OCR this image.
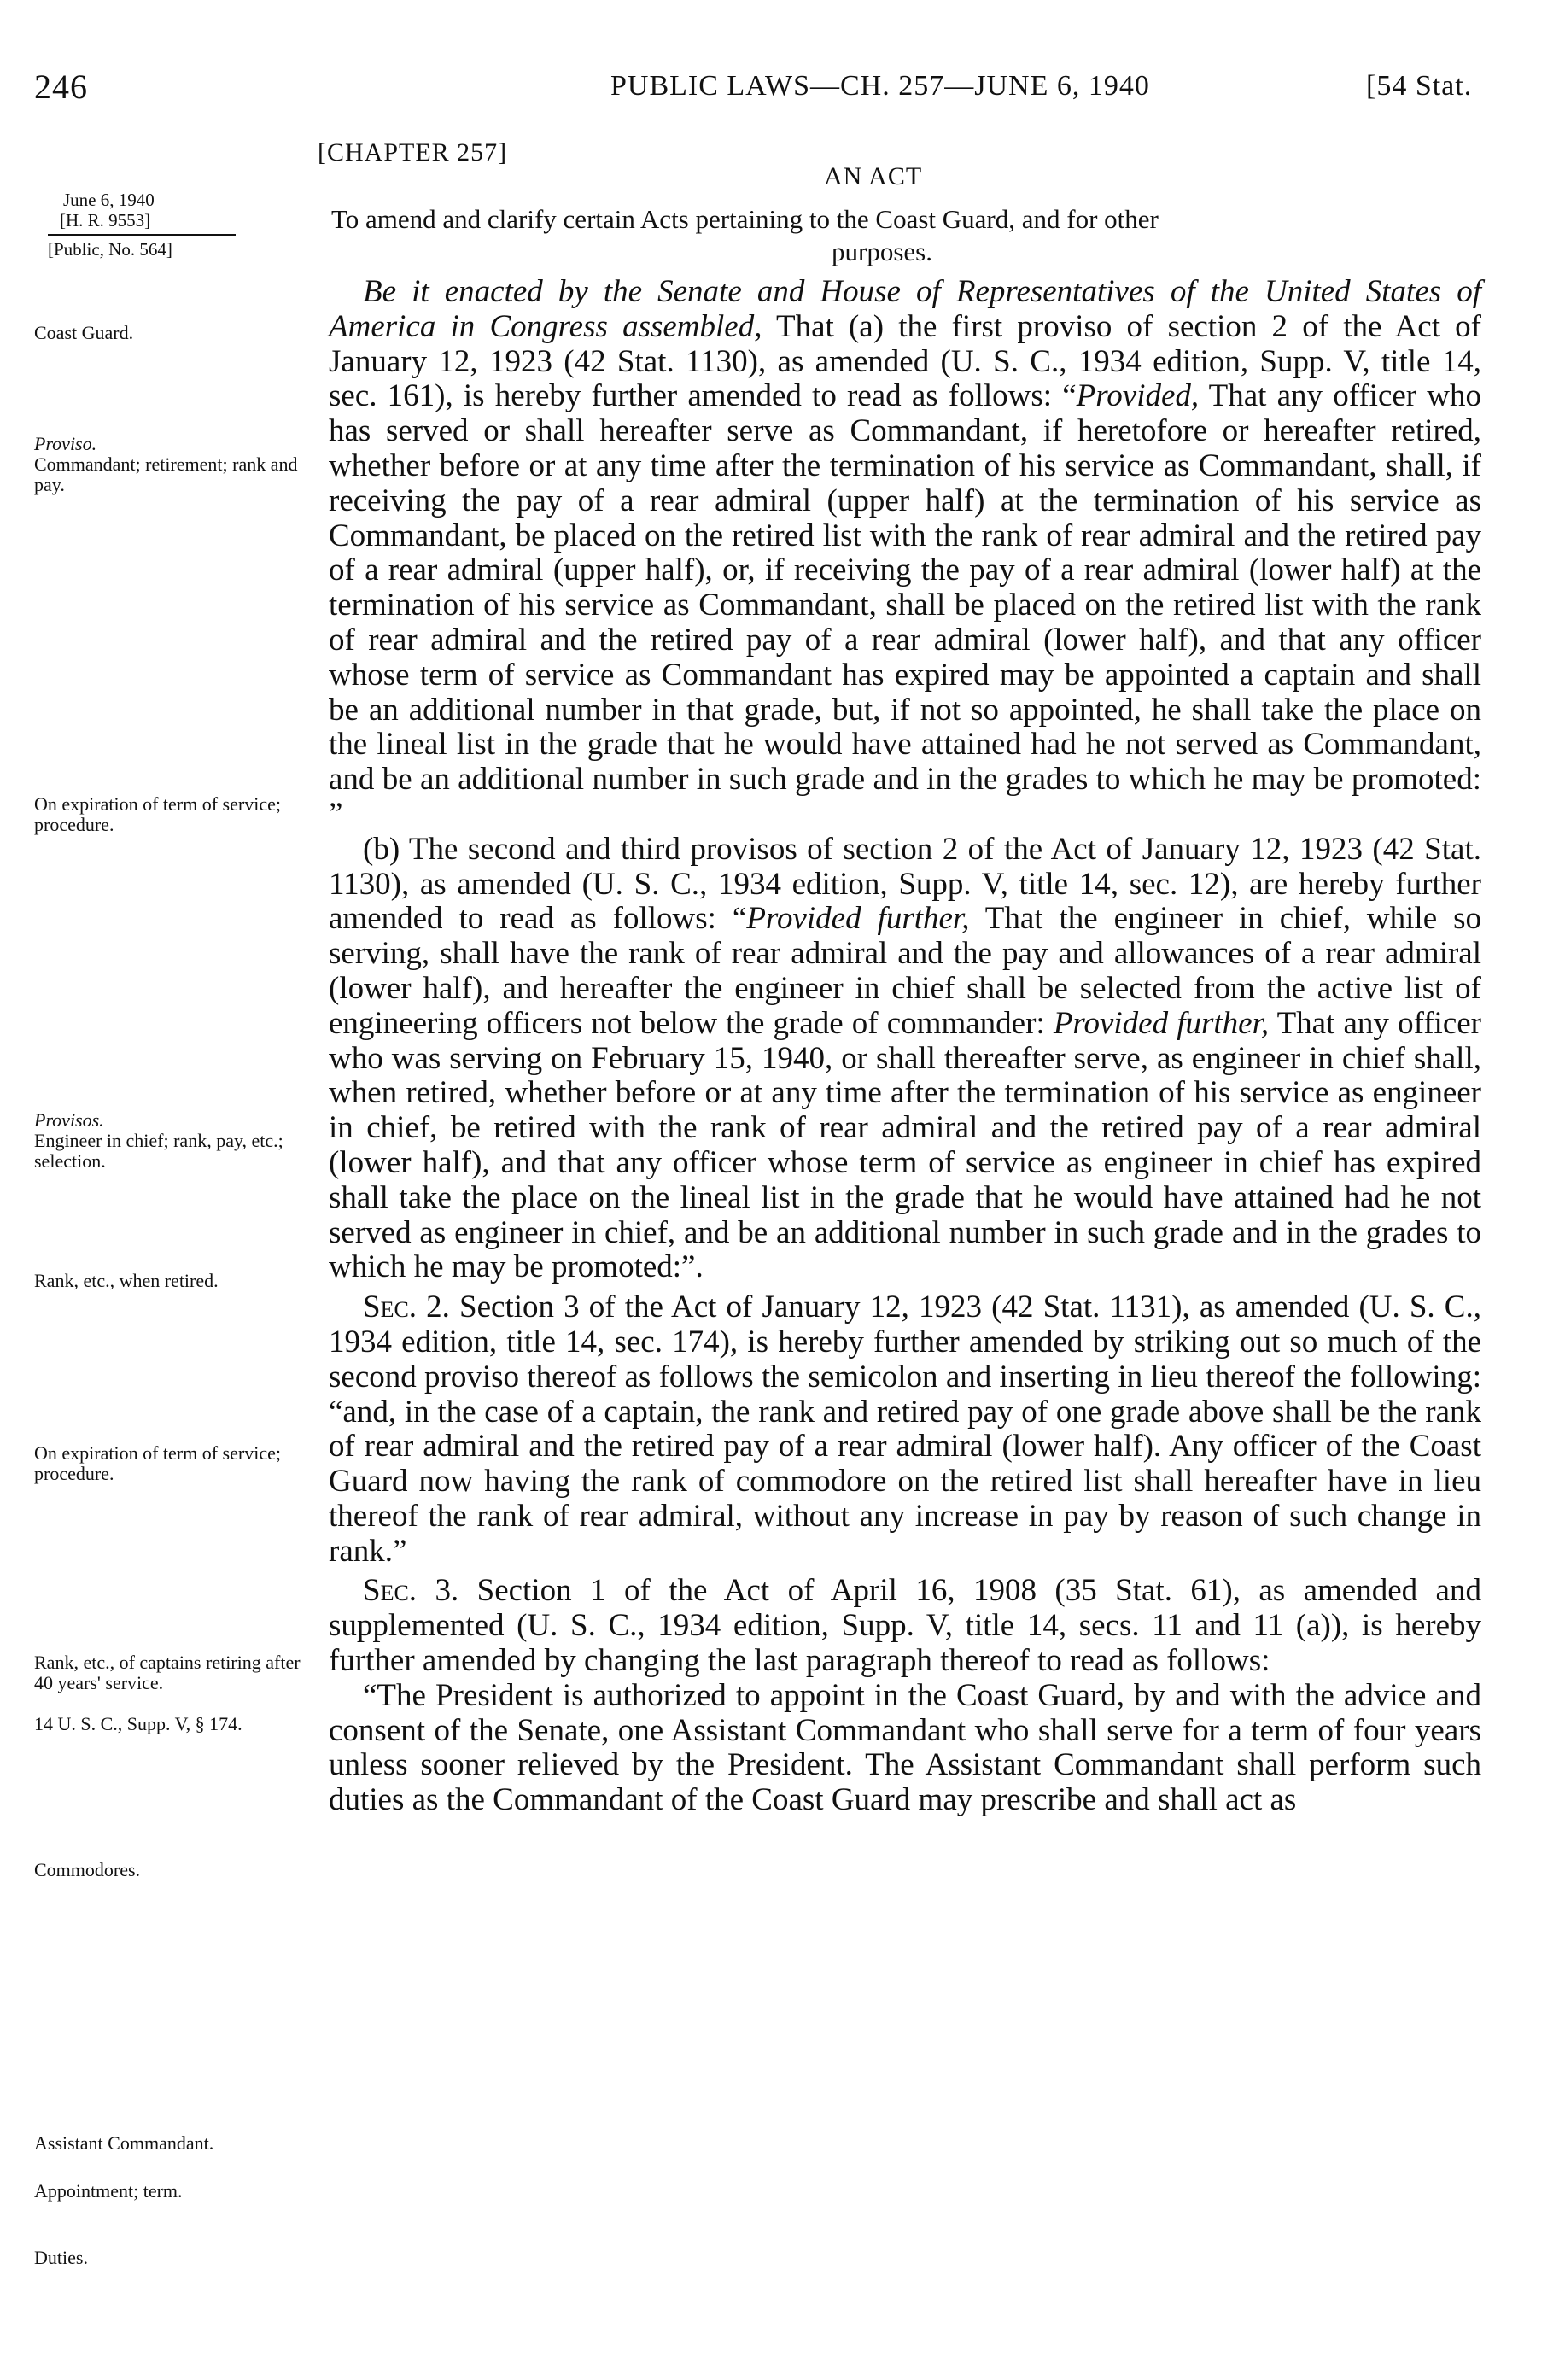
246	PUBLIC LAWS—CH. 257—JUNE 6, 1940	[54 Stat.
[CHAPTER 257]
AN ACT
To amend and clarify certain Acts pertaining to the Coast Guard, and for other
purposes.
June 6, 1940
[H. R. 9553]
[Public, No. 564]
Coast Guard.
Proviso.
Commandant; retirement; rank and pay.
On expiration of term of service; procedure.
Provisos.
Engineer in chief; rank, pay, etc.; selection.
Rank, etc., when retired.
On expiration of term of service; procedure.
Rank, etc., of captains retiring after 40 years' service.
14 U. S. C., Supp. V, § 174.
Commodores.
Assistant Commandant.
Appointment; term.
Duties.

Be it enacted by the Senate and House of Representatives of the United States of America in Congress assembled, That (a) the first proviso of section 2 of the Act of January 12, 1923 (42 Stat. 1130), as amended (U. S. C., 1934 edition, Supp. V, title 14, sec. 161), is hereby further amended to read as follows: “Provided, That any officer who has served or shall hereafter serve as Commandant, if heretofore or hereafter retired, whether before or at any time after the termination of his service as Commandant, shall, if receiving the pay of a rear admiral (upper half) at the termination of his service as Commandant, be placed on the retired list with the rank of rear admiral and the retired pay of a rear admiral (upper half), or, if receiving the pay of a rear admiral (lower half) at the termination of his service as Commandant, shall be placed on the retired list with the rank of rear admiral and the retired pay of a rear admiral (lower half), and that any officer whose term of service as Commandant has expired may be appointed a captain and shall be an additional number in that grade, but, if not so appointed, he shall take the place on the lineal list in the grade that he would have attained had he not served as Commandant, and be an additional number in such grade and in the grades to which he may be promoted: ”

(b) The second and third provisos of section 2 of the Act of January 12, 1923 (42 Stat. 1130), as amended (U. S. C., 1934 edition, Supp. V, title 14, sec. 12), are hereby further amended to read as follows: “Provided further, That the engineer in chief, while so serving, shall have the rank of rear admiral and the pay and allowances of a rear admiral (lower half), and hereafter the engineer in chief shall be selected from the active list of engineering officers not below the grade of commander: Provided further, That any officer who was serving on February 15, 1940, or shall thereafter serve, as engineer in chief shall, when retired, whether before or at any time after the termination of his service as engineer in chief, be retired with the rank of rear admiral and the retired pay of a rear admiral (lower half), and that any officer whose term of service as engineer in chief has expired shall take the place on the lineal list in the grade that he would have attained had he not served as engineer in chief, and be an additional number in such grade and in the grades to which he may be promoted:”.

Sec. 2. Section 3 of the Act of January 12, 1923 (42 Stat. 1131), as amended (U. S. C., 1934 edition, title 14, sec. 174), is hereby further amended by striking out so much of the second proviso thereof as follows the semicolon and inserting in lieu thereof the following: “and, in the case of a captain, the rank and retired pay of one grade above shall be the rank of rear admiral and the retired pay of a rear admiral (lower half). Any officer of the Coast Guard now having the rank of commodore on the retired list shall hereafter have in lieu thereof the rank of rear admiral, without any increase in pay by reason of such change in rank.”

Sec. 3. Section 1 of the Act of April 16, 1908 (35 Stat. 61), as amended and supplemented (U. S. C., 1934 edition, Supp. V, title 14, secs. 11 and 11 (a)), is hereby further amended by changing the last paragraph thereof to read as follows:

“The President is authorized to appoint in the Coast Guard, by and with the advice and consent of the Senate, one Assistant Commandant who shall serve for a term of four years unless sooner relieved by the President. The Assistant Commandant shall perform such duties as the Commandant of the Coast Guard may prescribe and shall act as
